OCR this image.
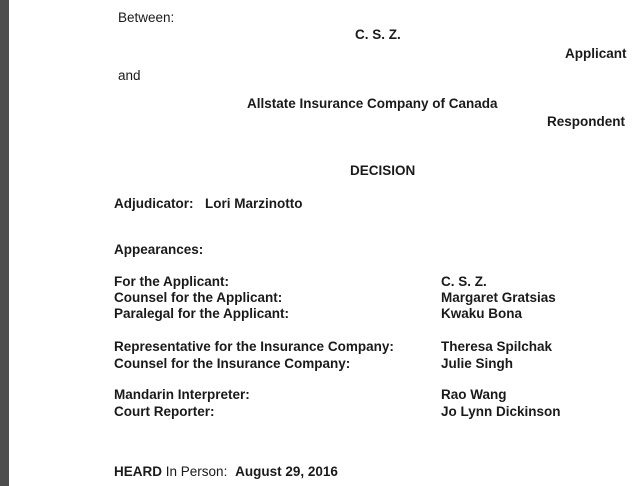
Between:
C. S. Z.
Applicant
and
Allstate Insurance Company of Canada
Respondent
DECISION
Adjudicator: Lori Marzinotto
Appearances:
For the Applicant:	C. S. Z.
Counsel for the Applicant:	Margaret Gratsias
Paralegal for the Applicant:	Kwaku Bona
Representative for the Insurance Company:	Theresa Spilchak
Counsel for the Insurance Company:	Julie Singh
Mandarin Interpreter:	Rao Wang
Court Reporter:	Jo Lynn Dickinson
HEARD In Person: August 29, 2016
